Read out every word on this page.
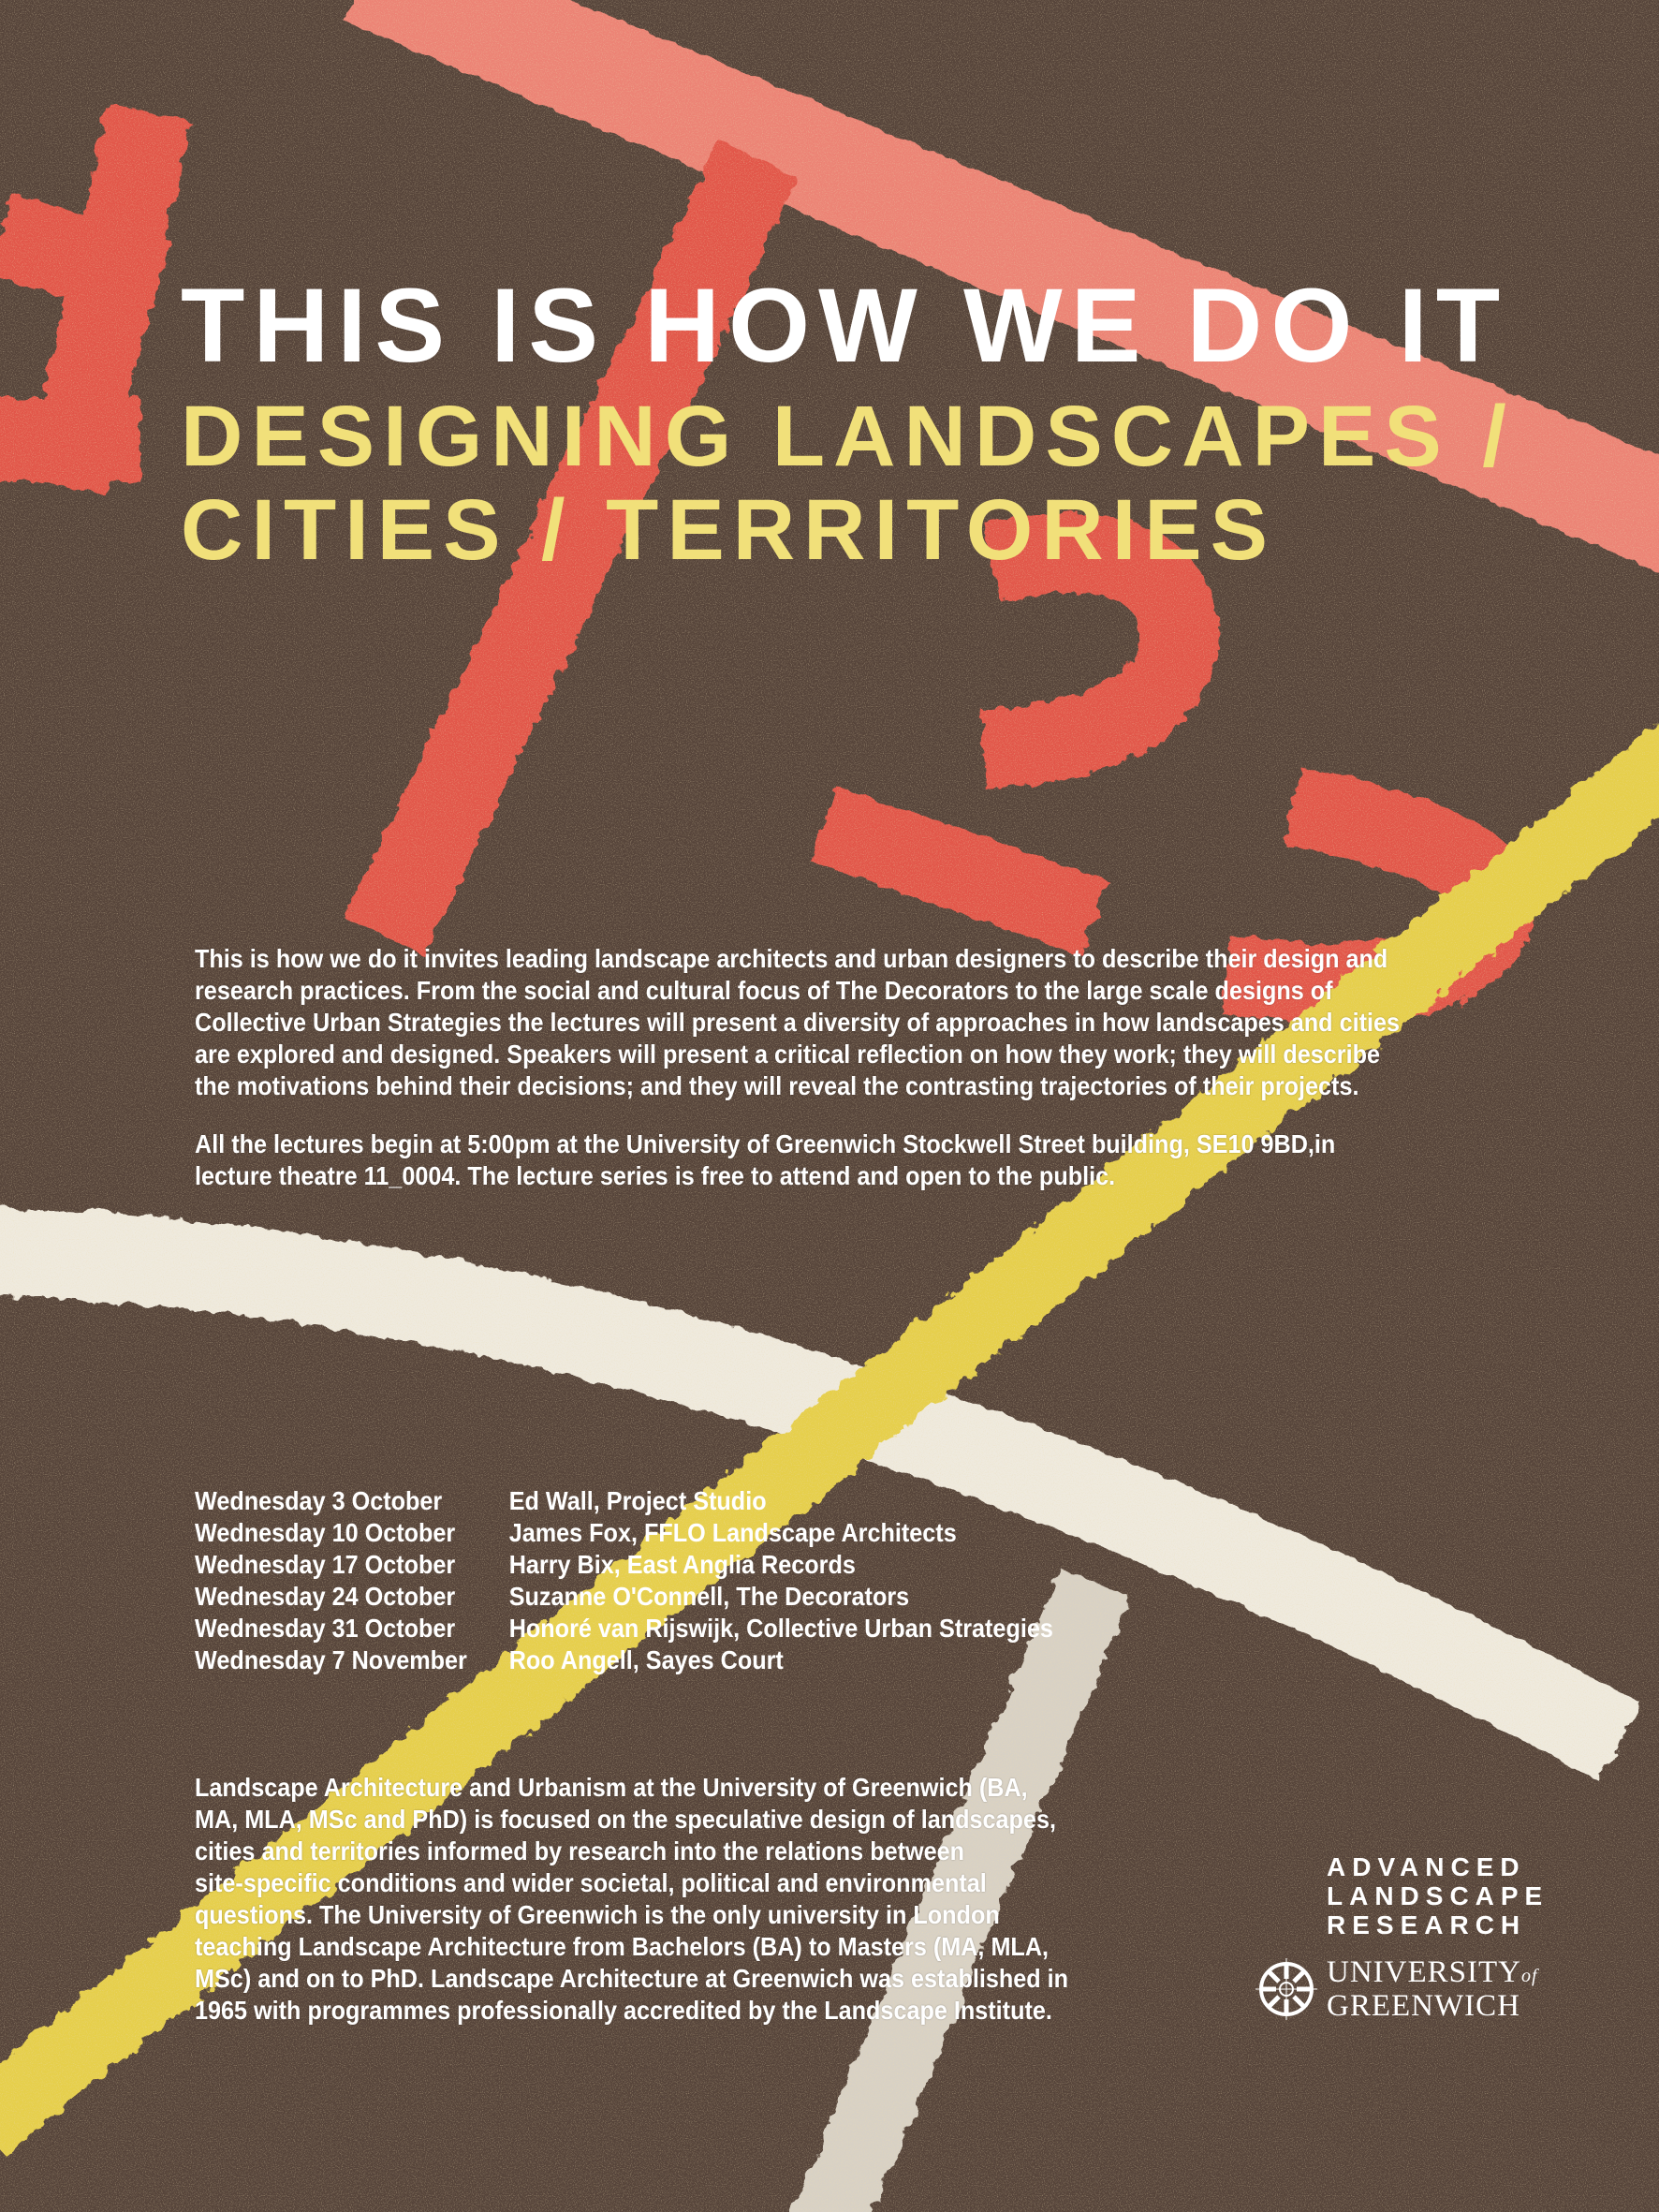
THIS IS HOW WE DO IT
DESIGNING LANDSCAPES /
CITIES / TERRITORIES
This is how we do it invites leading landscape architects and urban designers to describe their design and
research practices. From the social and cultural focus of The Decorators to the large scale designs of
Collective Urban Strategies the lectures will present a diversity of approaches in how landscapes and cities
are explored and designed. Speakers will present a critical reflection on how they work; they will describe
the motivations behind their decisions; and they will reveal the contrasting trajectories of their projects.
All the lectures begin at 5:00pm at the University of Greenwich Stockwell Street building, SE10 9BD,in
lecture theatre 11_0004. The lecture series is free to attend and open to the public.
Wednesday 3 October	Ed Wall, Project Studio
Wednesday 10 October	James Fox, FFLO Landscape Architects
Wednesday 17 October	Harry Bix, East Anglia Records
Wednesday 24 October	Suzanne O'Connell, The Decorators
Wednesday 31 October	Honoré van Rijswijk, Collective Urban Strategies
Wednesday 7 November	Roo Angell, Sayes Court
Landscape Architecture and Urbanism at the University of Greenwich (BA,
MA, MLA, MSc and PhD) is focused on the speculative design of landscapes,
cities and territories informed by research into the relations between
site-specific conditions and wider societal, political and environmental
questions. The University of Greenwich is the only university in London
teaching Landscape Architecture from Bachelors (BA) to Masters (MA, MLA,
MSc) and on to PhD. Landscape Architecture at Greenwich was established in
1965 with programmes professionally accredited by the Landscape Institute.
ADVANCED
LANDSCAPE
RESEARCH
UNIVERSITYof
GREENWICH
